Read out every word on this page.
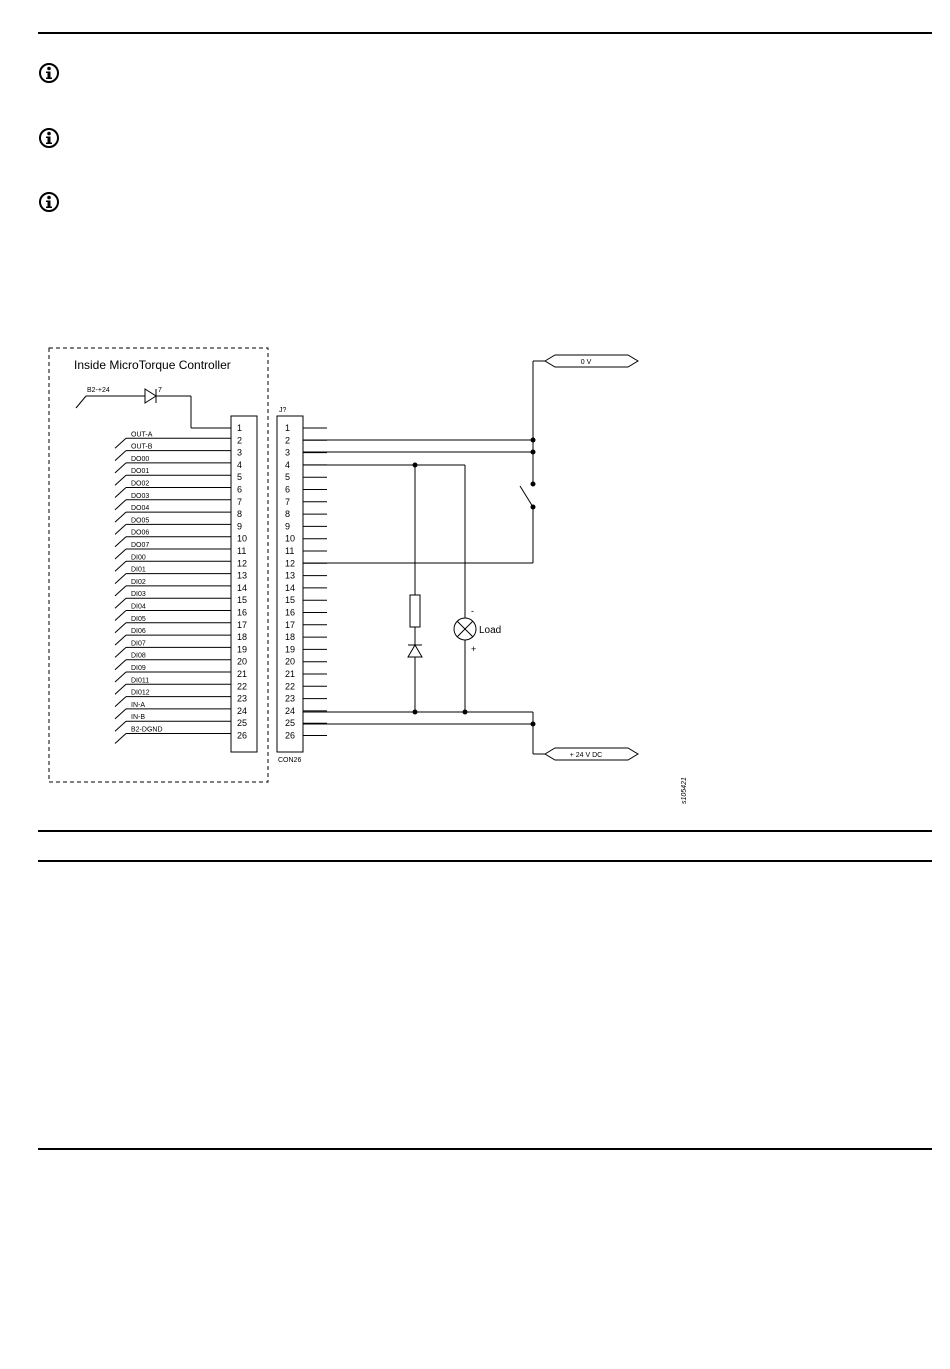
Inside MicroTorque Controller
B2-+24	7
1
2
3
4
5
6
7
8
9
10
11
12
13
14
15
16
17
18
19
20
21
22
23
24
25
26
OUT-A
OUT-B
DO00
DO01
DO02
DO03
DO04
DO05
DO06
DO07
DI00
DI01
DI02
DI03
DI04
DI05
DI06
DI07
DI08
DI09
DI011
DI012
IN-A
IN-B
B2-DGND
J?
1
2
3
4
5
6
7
8
9
10
11
12
13
14
15
16
17
18
19
20
21
22
23
24
25
26
CON26
Load
-
+
0 V
+ 24 V DC
s105421
